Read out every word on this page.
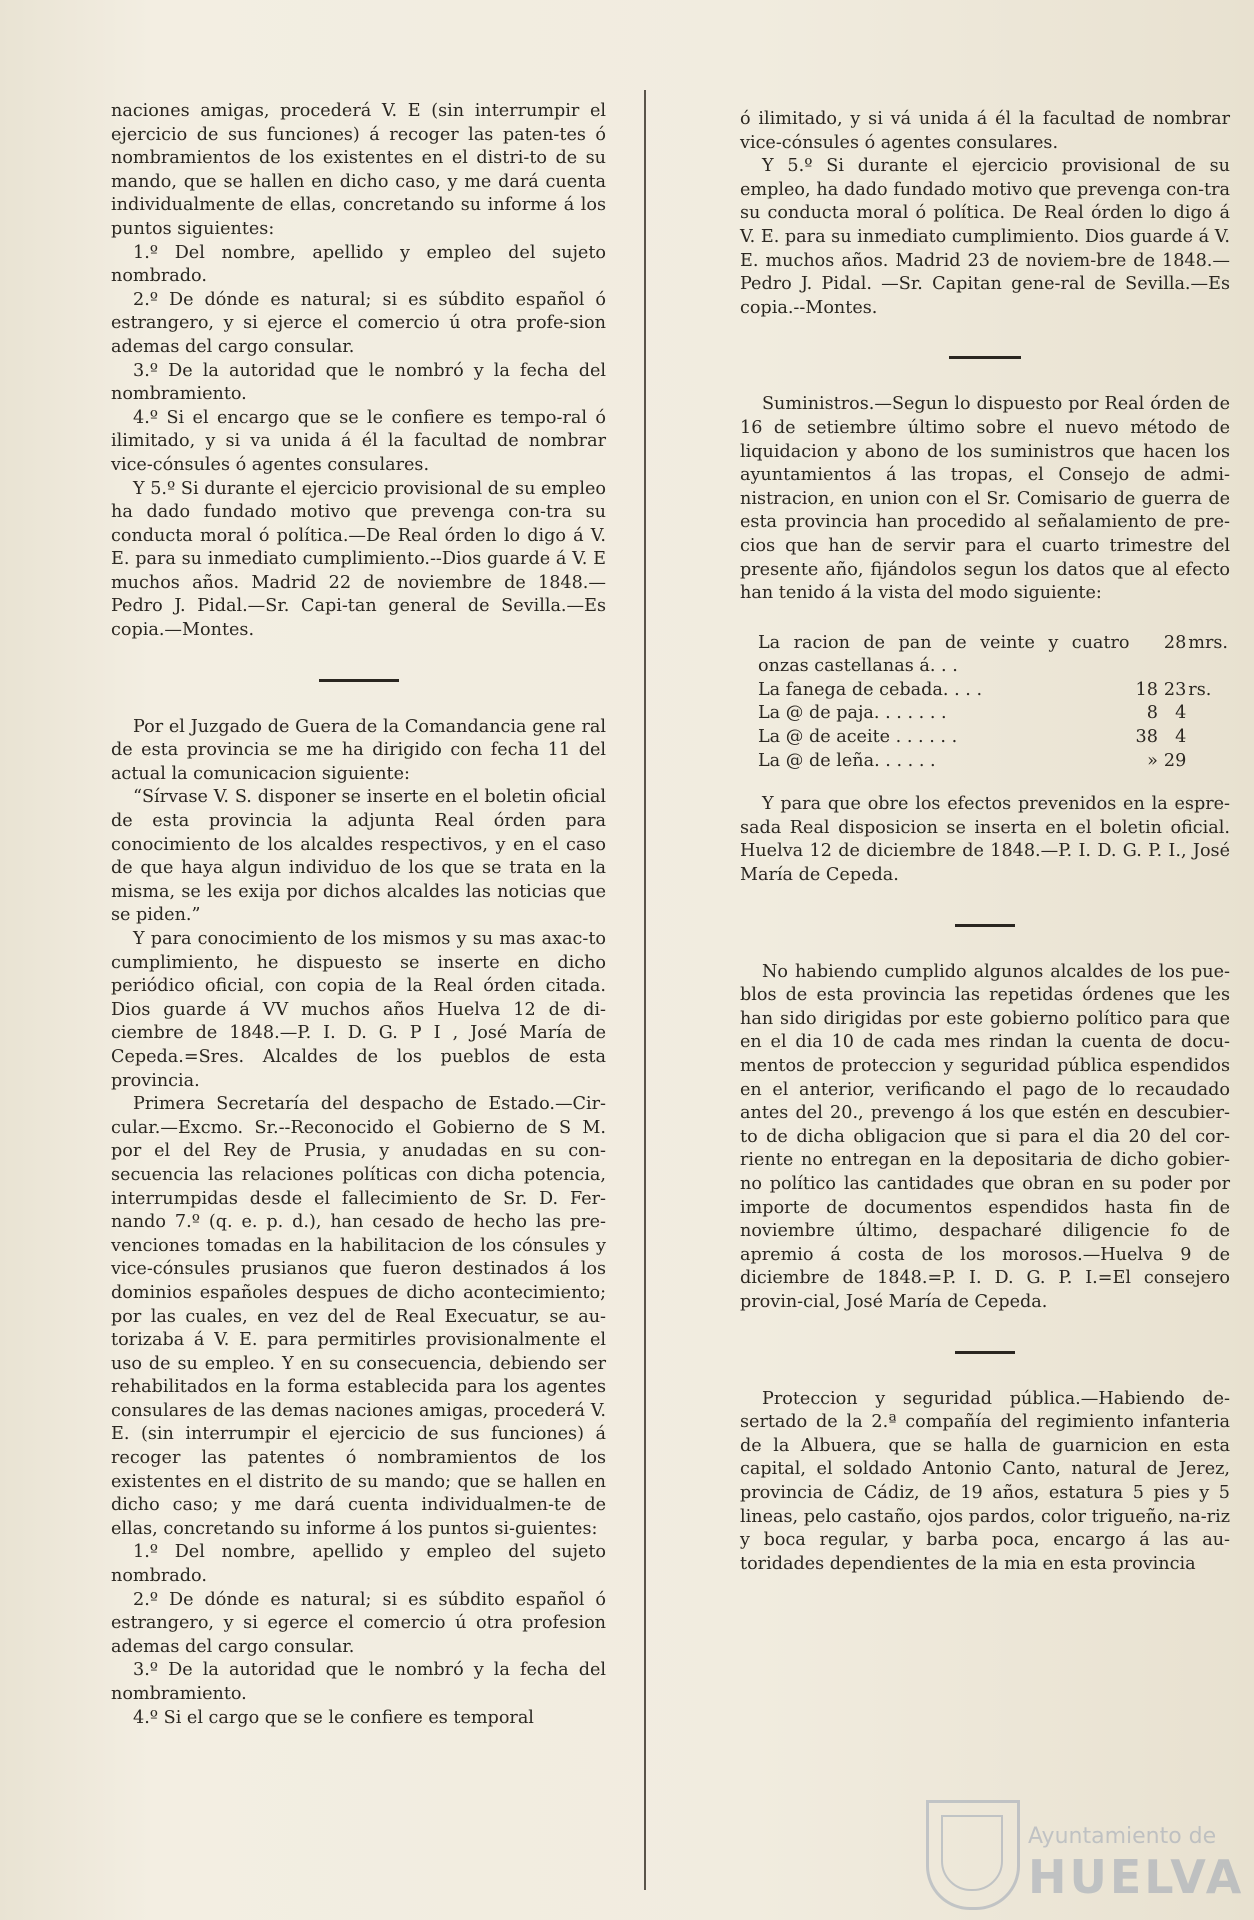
naciones amigas, procederá V. E (sin interrumpir el ejercicio de sus funciones) á recoger las paten-tes ó nombramientos de los existentes en el distri-to de su mando, que se hallen en dicho caso, y me dará cuenta individualmente de ellas, concretando su informe á los puntos siguientes:

1.º Del nombre, apellido y empleo del sujeto nombrado.

2.º De dónde es natural; si es súbdito español ó estrangero, y si ejerce el comercio ú otra profe-sion ademas del cargo consular.

3.º De la autoridad que le nombró y la fecha del nombramiento.

4.º Si el encargo que se le confiere es tempo-ral ó ilimitado, y si va unida á él la facultad de nombrar vice-cónsules ó agentes consulares.

Y 5.º Si durante el ejercicio provisional de su empleo ha dado fundado motivo que prevenga con-tra su conducta moral ó política.—De Real órden lo digo á V. E. para su inmediato cumplimiento.--Dios guarde á V. E muchos años. Madrid 22 de noviembre de 1848.—Pedro J. Pidal.—Sr. Capi-tan general de Sevilla.—Es copia.—Montes.

Por el Juzgado de Guera de la Comandancia gene ral de esta provincia se me ha dirigido con fecha 11 del actual la comunicacion siguiente:

“Sírvase V. S. disponer se inserte en el boletin oficial de esta provincia la adjunta Real órden para conocimiento de los alcaldes respectivos, y en el caso de que haya algun individuo de los que se trata en la misma, se les exija por dichos alcaldes las noticias que se piden.”

Y para conocimiento de los mismos y su mas axac-to cumplimiento, he dispuesto se inserte en dicho periódico oficial, con copia de la Real órden citada. Dios guarde á VV muchos años Huelva 12 de di-ciembre de 1848.—P. I. D. G. P I , José María de Cepeda.=Sres. Alcaldes de los pueblos de esta provincia.

Primera Secretaría del despacho de Estado.—Cir-cular.—Excmo. Sr.--Reconocido el Gobierno de S M. por el del Rey de Prusia, y anudadas en su con-secuencia las relaciones políticas con dicha potencia, interrumpidas desde el fallecimiento de Sr. D. Fer-nando 7.º (q. e. p. d.), han cesado de hecho las pre-venciones tomadas en la habilitacion de los cónsules y vice-cónsules prusianos que fueron destinados á los dominios españoles despues de dicho acontecimiento; por las cuales, en vez del de Real Execuatur, se au-torizaba á V. E. para permitirles provisionalmente el uso de su empleo. Y en su consecuencia, debiendo ser rehabilitados en la forma establecida para los agentes consulares de las demas naciones amigas, procederá V. E. (sin interrumpir el ejercicio de sus funciones) á recoger las patentes ó nombramientos de los existentes en el distrito de su mando; que se hallen en dicho caso; y me dará cuenta individualmen-te de ellas, concretando su informe á los puntos si-guientes:

1.º Del nombre, apellido y empleo del sujeto nombrado.

2.º De dónde es natural; si es súbdito español ó estrangero, y si egerce el comercio ú otra profesion ademas del cargo consular.

3.º De la autoridad que le nombró y la fecha del nombramiento.

4.º Si el cargo que se le confiere es temporal

ó ilimitado, y si vá unida á él la facultad de nombrar vice-cónsules ó agentes consulares.

Y 5.º Si durante el ejercicio provisional de su empleo, ha dado fundado motivo que prevenga con-tra su conducta moral ó política. De Real órden lo digo á V. E. para su inmediato cumplimiento. Dios guarde á V. E. muchos años. Madrid 23 de noviem-bre de 1848.—Pedro J. Pidal. —Sr. Capitan gene-ral de Sevilla.—Es copia.--Montes.

Suministros.—Segun lo dispuesto por Real órden de 16 de setiembre último sobre el nuevo método de liquidacion y abono de los suministros que hacen los ayuntamientos á las tropas, el Consejo de admi-nistracion, en union con el Sr. Comisario de guerra de esta provincia han procedido al señalamiento de pre-cios que han de servir para el cuarto trimestre del presente año, fijándolos segun los datos que al efecto han tenido á la vista del modo siguiente:

La racion de pan de veinte y cuatro onzas castellanas á. . .		28	mrs.
La fanega de cebada. . . .	18	23	rs.
La @ de paja. . . . . . .	8	4	
La @ de aceite . . . . . .	38	4	
La @ de leña. . . . . .	»	29	

Y para que obre los efectos prevenidos en la espre-sada Real disposicion se inserta en el boletin oficial. Huelva 12 de diciembre de 1848.—P. I. D. G. P. I., José María de Cepeda.

No habiendo cumplido algunos alcaldes de los pue-blos de esta provincia las repetidas órdenes que les han sido dirigidas por este gobierno político para que en el dia 10 de cada mes rindan la cuenta de docu-mentos de proteccion y seguridad pública espendidos en el anterior, verificando el pago de lo recaudado antes del 20., prevengo á los que estén en descubier-to de dicha obligacion que si para el dia 20 del cor-riente no entregan en la depositaria de dicho gobier-no político las cantidades que obran en su poder por importe de documentos espendidos hasta fin de noviembre último, despacharé diligencie fo de apremio á costa de los morosos.—Huelva 9 de diciembre de 1848.=P. I. D. G. P. I.=El consejero provin-cial, José María de Cepeda.

Proteccion y seguridad pública.—Habiendo de-sertado de la 2.ª compañía del regimiento infanteria de la Albuera, que se halla de guarnicion en esta capital, el soldado Antonio Canto, natural de Jerez, provincia de Cádiz, de 19 años, estatura 5 pies y 5 lineas, pelo castaño, ojos pardos, color trigueño, na-riz y boca regular, y barba poca, encargo á las au-toridades dependientes de la mia en esta provincia

Ayuntamiento de
HUELVA
